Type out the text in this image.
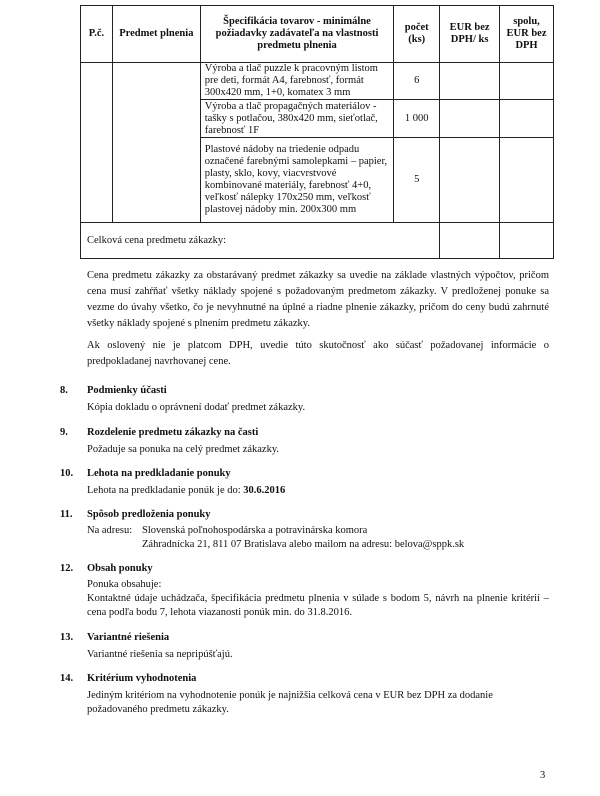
P.č.	Predmet plnenia	Špecifikácia tovarov - minimálne požiadavky zadávateľa na vlastnosti predmetu plnenia	počet (ks)	EUR bez DPH/ ks	spolu, EUR bez DPH
		Výroba a tlač puzzle k pracovným listom pre deti, formát A4, farebnosť, formát 300x420 mm, 1+0, komatex 3 mm	6		
		Výroba a tlač propagačných materiálov - tašky s potlačou, 380x420 mm, sieťotlač, farebnosť 1F	1 000		
		Plastové nádoby na triedenie odpadu označené farebnými samolepkami – papier, plasty, sklo, kovy, viacvrstvové kombinované materiály, farebnosť 4+0, veľkosť nálepky 170x250 mm, veľkosť plastovej nádoby min. 200x300 mm	5		
Celková cena predmetu zákazky:					
Cena predmetu zákazky za obstarávaný predmet zákazky sa uvedie na základe vlastných výpočtov, pričom cena musí zahŕňať všetky náklady spojené s požadovaným predmetom zákazky. V predloženej ponuke sa vezme do úvahy všetko, čo je nevyhnutné na úplné a riadne plnenie zákazky, pričom do ceny budú zahrnuté všetky náklady spojené s plnením predmetu zákazky.
Ak oslovený nie je platcom DPH, uvedie túto skutočnosť ako súčasť požadovanej informácie o predpokladanej navrhovanej cene.
8. Podmienky účasti
Kópia dokladu o oprávnení dodať predmet zákazky.
9. Rozdelenie predmetu zákazky na časti
Požaduje sa ponuka na celý predmet zákazky.
10. Lehota na predkladanie ponuky
Lehota na predkladanie ponúk je do: 30.6.2016
11. Spôsob predloženia ponuky
Na adresu: Slovenská poľnohospodárska a potravinárska komora
Záhradnícka 21, 811 07 Bratislava alebo mailom na adresu: belova@sppk.sk
12. Obsah ponuky
Ponuka obsahuje:
Kontaktné údaje uchádzača, špecifikácia predmetu plnenia v súlade s bodom 5, návrh na plnenie kritérií – cena podľa bodu 7, lehota viazanosti ponúk min. do 31.8.2016.
13. Variantné riešenia
Variantné riešenia sa nepripúšťajú.
14. Kritérium vyhodnotenia
Jediným kritériom na vyhodnotenie ponúk je najnižšia celková cena v EUR bez DPH za dodanie požadovaného predmetu zákazky.
3
